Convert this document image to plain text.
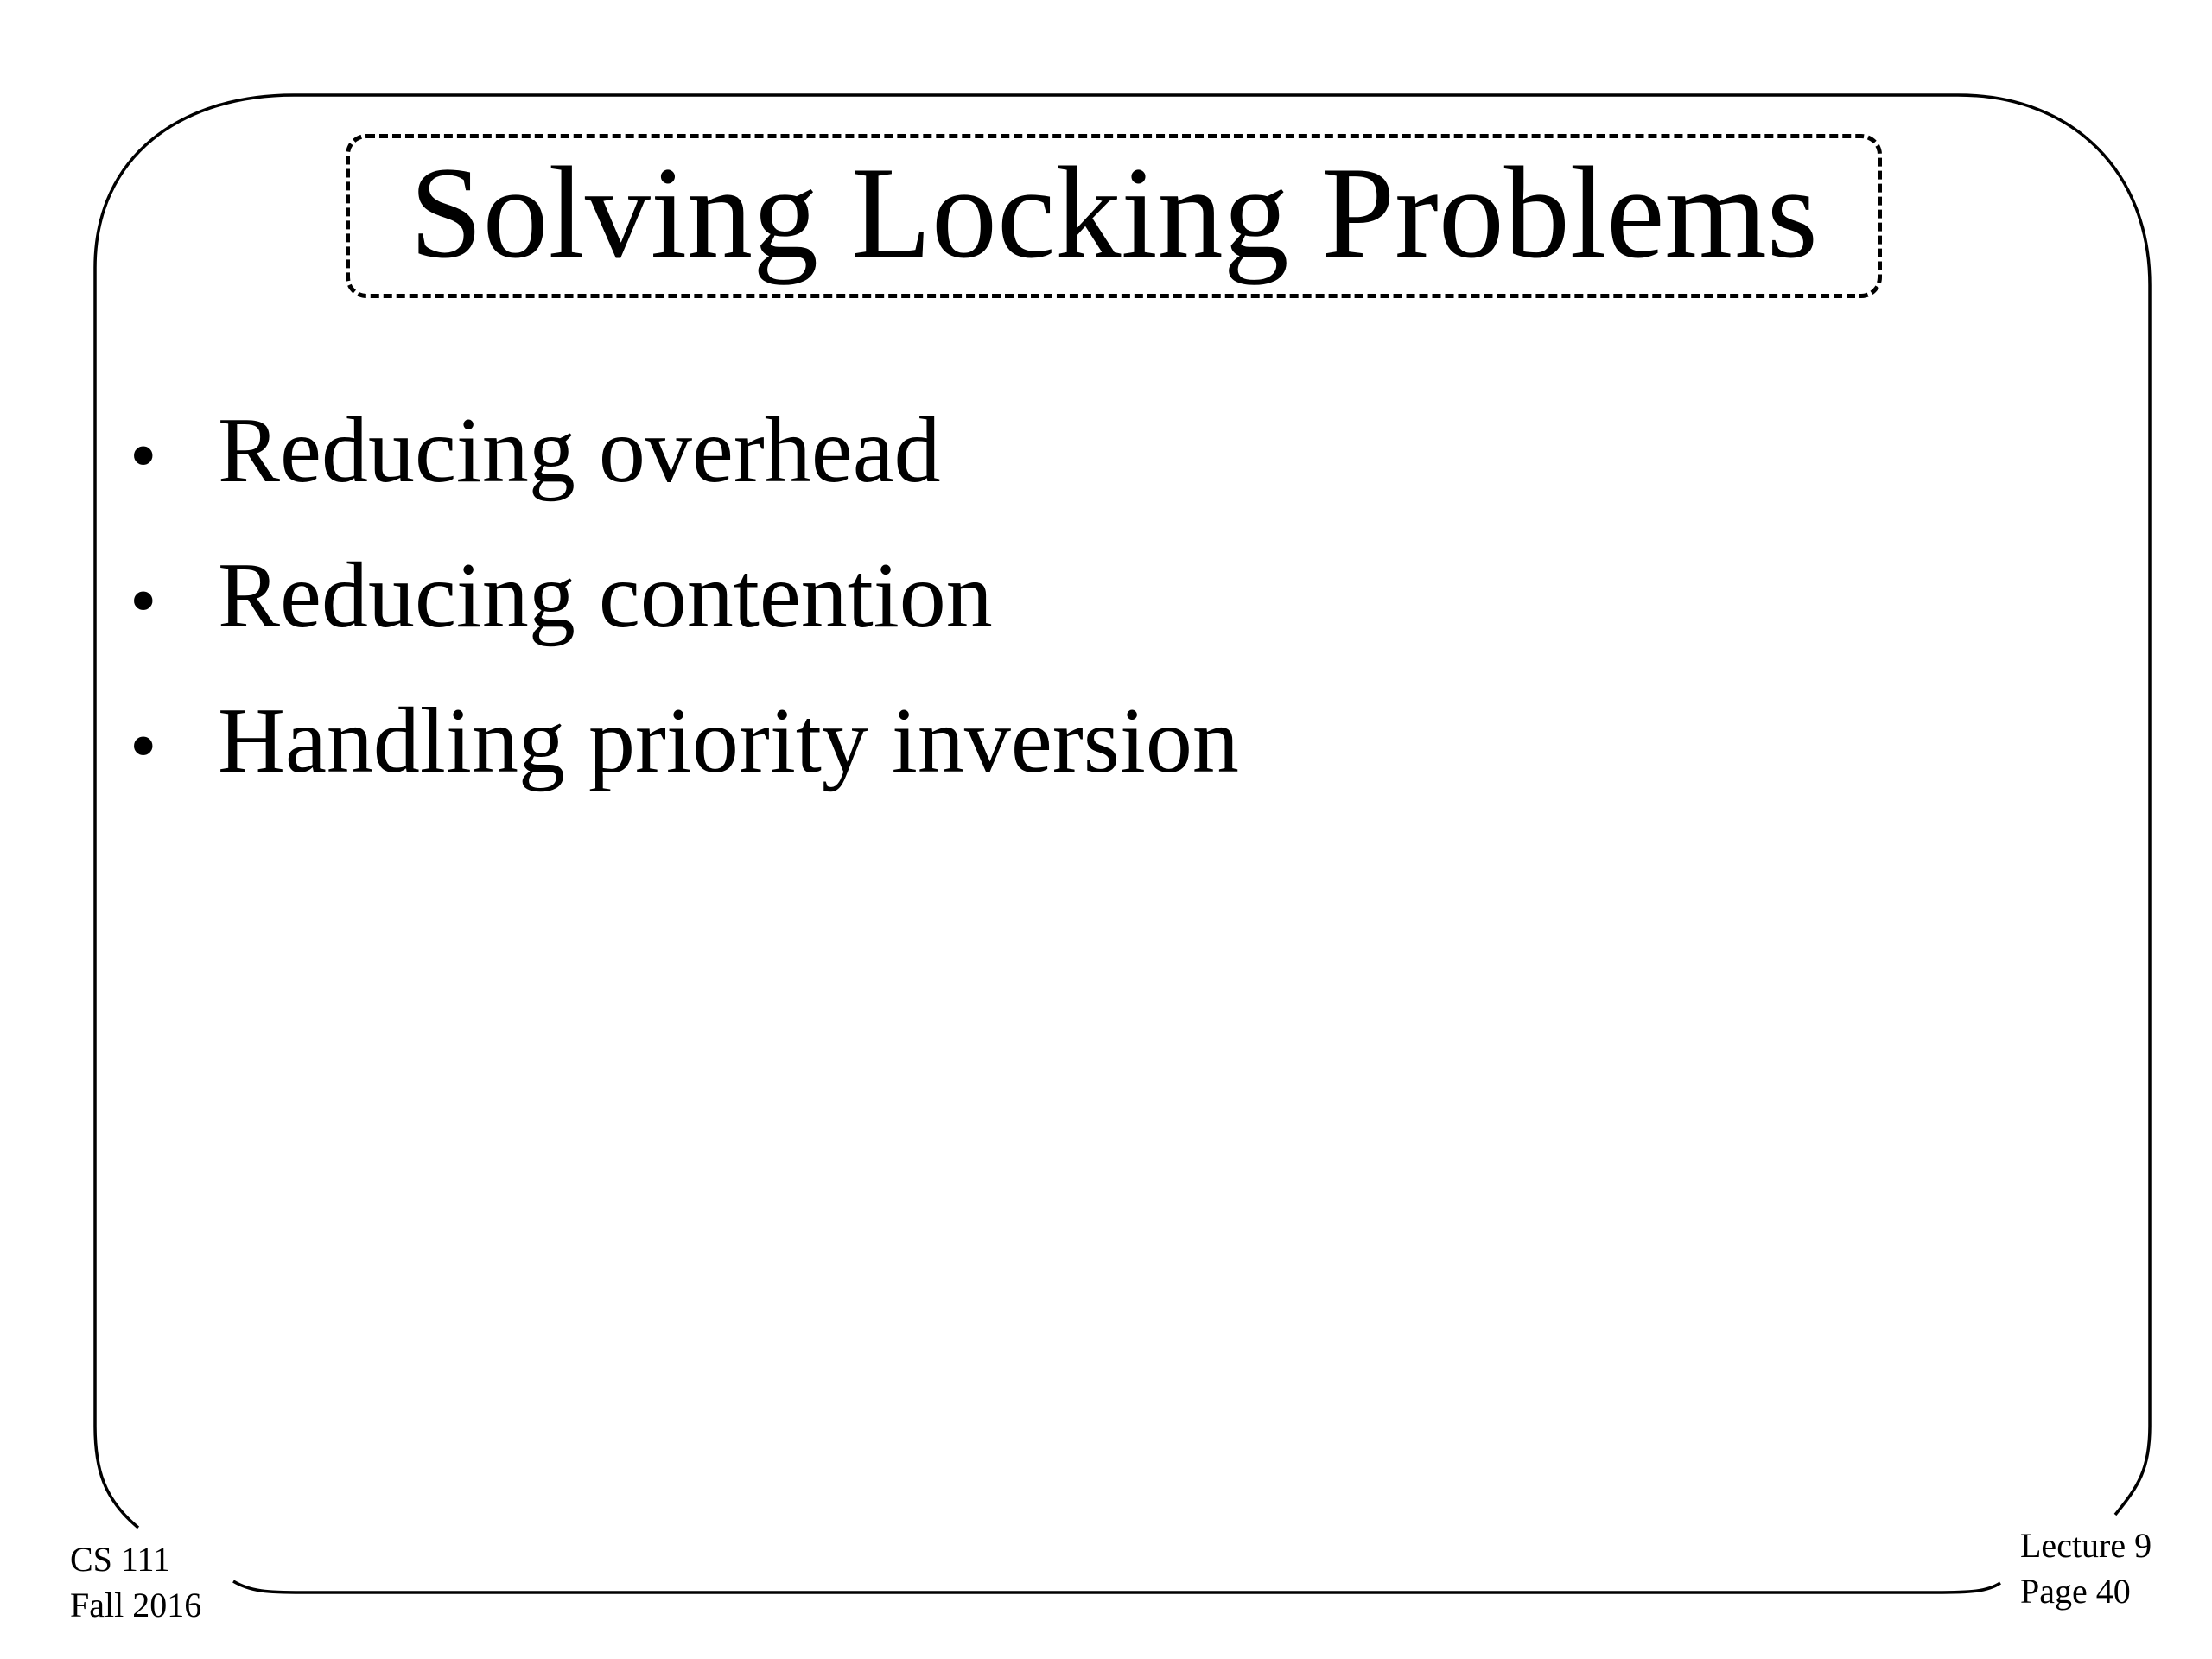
Solving Locking Problems
• Reducing overhead
• Reducing contention
• Handling priority inversion
CS 111
Fall 2016
Lecture 9
Page 40
